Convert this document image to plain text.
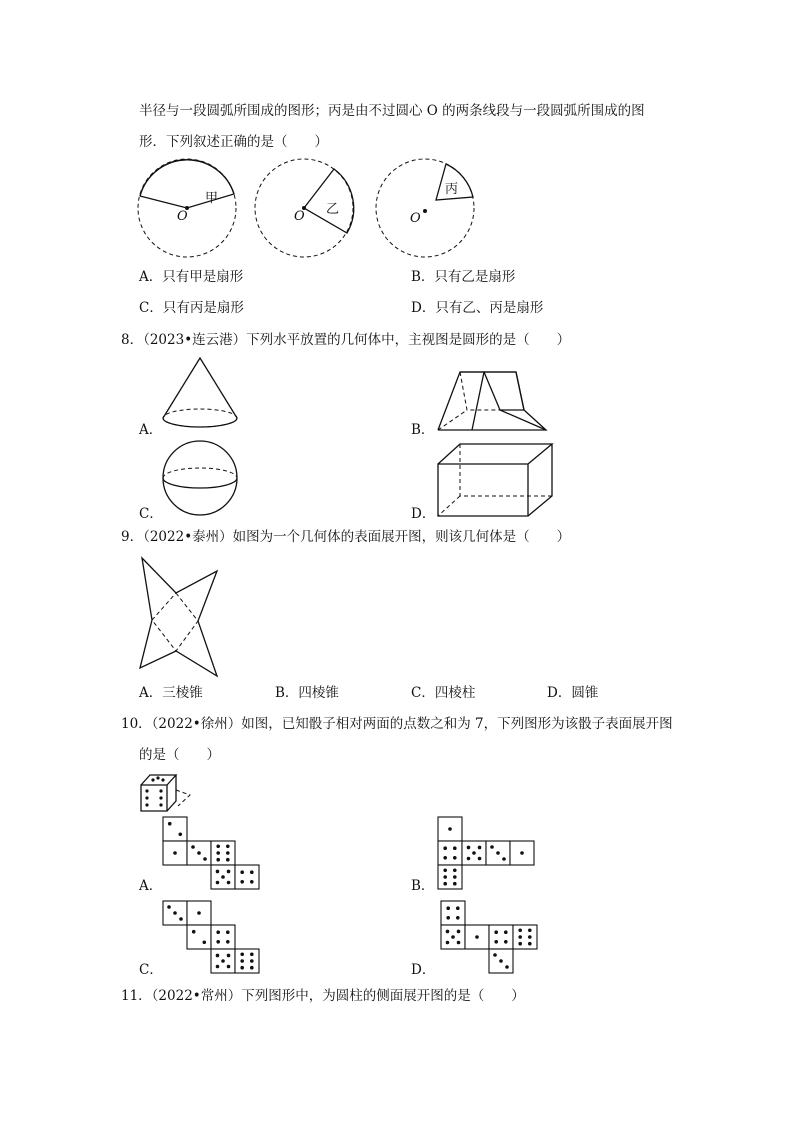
半径与一段圆弧所围成的图形；丙是由不过圆心 O 的两条线段与一段圆弧所围成的图
形．下列叙述正确的是（　　）
甲
O	乙
O
丙
O
A．只有甲是扇形	B．只有乙是扇形
C．只有丙是扇形	D．只有乙、丙是扇形
8．（2023•连云港）下列水平放置的几何体中，主视图是圆形的是（　　）
A．	B．
C．	D．
9．（2022•泰州）如图为一个几何体的表面展开图，则该几何体是（　　）
A．三棱锥	B．四棱锥	C．四棱柱	D．圆锥
10．（2022•徐州）如图，已知骰子相对两面的点数之和为 7，下列图形为该骰子表面展开图
的是（　　）
A．	B．
C．	D．
11．（2022•常州）下列图形中，为圆柱的侧面展开图的是（　　）
